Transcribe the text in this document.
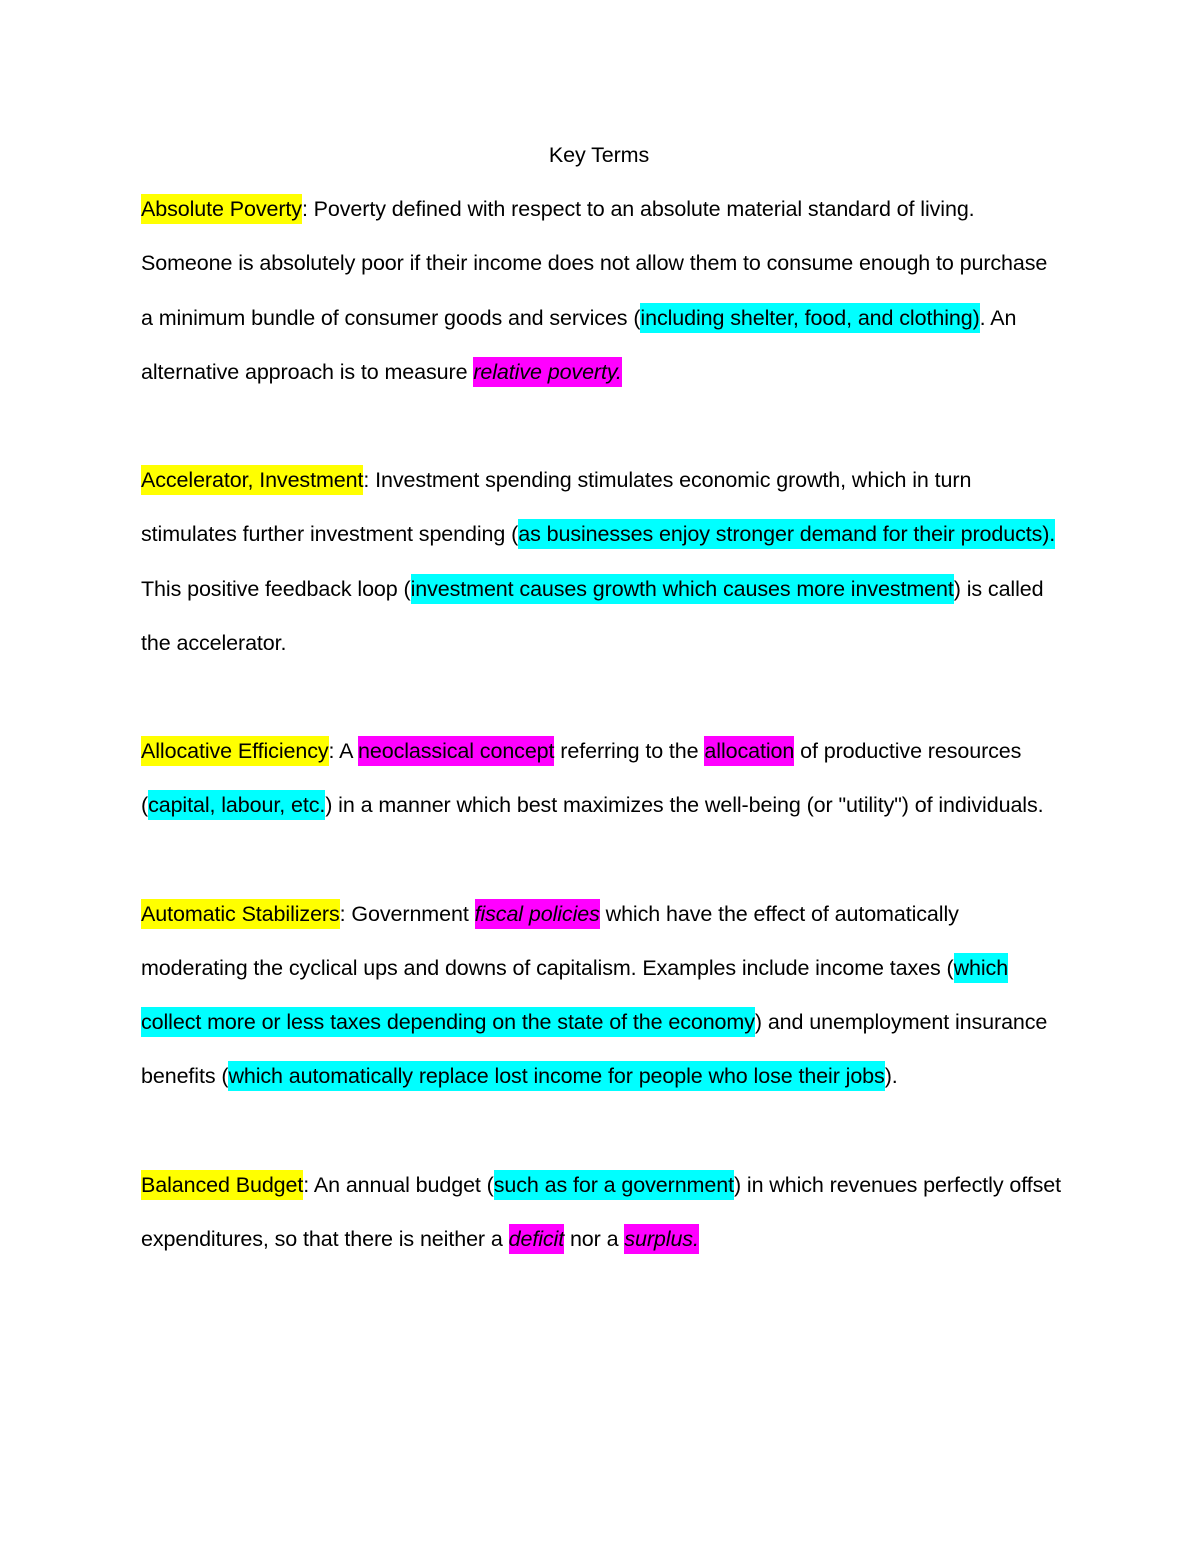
Key Terms

Absolute Poverty: Poverty defined with respect to an absolute material standard of living. Someone is absolutely poor if their income does not allow them to consume enough to purchase a minimum bundle of consumer goods and services (including shelter, food, and clothing). An alternative approach is to measure relative poverty.

Accelerator, Investment: Investment spending stimulates economic growth, which in turn stimulates further investment spending (as businesses enjoy stronger demand for their products). This positive feedback loop (investment causes growth which causes more investment) is called the accelerator.

Allocative Efficiency: A neoclassical concept referring to the allocation of productive resources (capital, labour, etc.) in a manner which best maximizes the well-being (or "utility") of individuals.

Automatic Stabilizers: Government fiscal policies which have the effect of automatically moderating the cyclical ups and downs of capitalism. Examples include income taxes (which collect more or less taxes depending on the state of the economy) and unemployment insurance benefits (which automatically replace lost income for people who lose their jobs).

Balanced Budget: An annual budget (such as for a government) in which revenues perfectly offset expenditures, so that there is neither a deficit nor a surplus.
